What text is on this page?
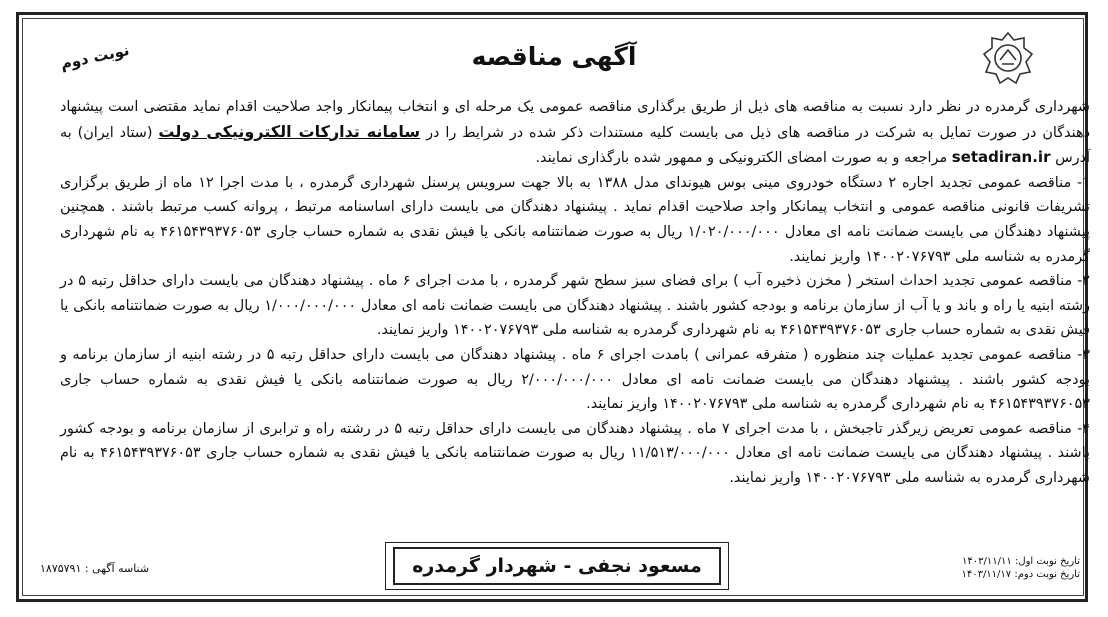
آگهی مناقصه
نوبت دوم

شهرداری گرمدره در نظر دارد نسبت به مناقصه های ذیل از طریق برگذاری مناقصه عمومی یک مرحله ای و انتخاب پیمانکار واجد صلاحیت اقدام نماید مقتضی است پیشنهاد دهندگان در صورت تمایل به شرکت در مناقصه های ذیل می بایست کلیه مستندات ذکر شده در شرایط را در سامانه تدارکات الکترونیکی دولت (ستاد ایران) به آدرس setadiran.ir مراجعه و به صورت امضای الکترونیکی و ممهور شده بارگذاری نمایند.

۱- مناقصه عمومی تجدید اجاره ۲ دستگاه خودروی مینی بوس هیوندای مدل ۱۳۸۸ به بالا جهت سرویس پرسنل شهرداری گرمدره ، با مدت اجرا ۱۲ ماه از طریق برگزاری تشریفات قانونی مناقصه عمومی و انتخاب پیمانکار واجد صلاحیت اقدام نماید . پیشنهاد دهندگان می بایست دارای اساسنامه مرتبط ، پروانه کسب مرتبط باشند . همچنین پیشنهاد دهندگان می بایست ضمانت نامه ای معادل ۱/۰۲۰/۰۰۰/۰۰۰ ریال به صورت ضمانتنامه بانکی یا فیش نقدی به شماره حساب جاری ۴۶۱۵۴۳۹۳۷۶۰۵۳ به نام شهرداری گرمدره به شناسه ملی ۱۴۰۰۲۰۷۶۷۹۳ واریز نمایند.

۲- مناقصه عمومی تجدید احداث استخر ( مخزن ذخیره آب ) برای فضای سبز سطح شهر گرمدره ، با مدت اجرای ۶ ماه . پیشنهاد دهندگان می بایست دارای حداقل رتبه ۵ در رشته ابنیه یا راه و باند و یا آب از سازمان برنامه و بودجه کشور باشند . پیشنهاد دهندگان می بایست ضمانت نامه ای معادل ۱/۰۰۰/۰۰۰/۰۰۰ ریال به صورت ضمانتنامه بانکی یا فیش نقدی به شماره حساب جاری ۴۶۱۵۴۳۹۳۷۶۰۵۳ به نام شهرداری گرمدره به شناسه ملی ۱۴۰۰۲۰۷۶۷۹۳ واریز نمایند.

۳- مناقصه عمومی تجدید عملیات چند منظوره ( متفرقه عمرانی ) بامدت اجرای ۶ ماه . پیشنهاد دهندگان می بایست دارای حداقل رتبه ۵ در رشته ابنیه از سازمان برنامه و بودجه کشور باشند . پیشنهاد دهندگان می بایست ضمانت نامه ای معادل ۲/۰۰۰/۰۰۰/۰۰۰ ریال به صورت ضمانتنامه بانکی یا فیش نقدی به شماره حساب جاری ۴۶۱۵۴۳۹۳۷۶۰۵۳ به نام شهرداری گرمدره به شناسه ملی ۱۴۰۰۲۰۷۶۷۹۳ واریز نمایند.

۴- مناقصه عمومی تعریض زیرگذر تاجبخش ، با مدت اجرای ۷ ماه . پیشنهاد دهندگان می بایست دارای حداقل رتبه ۵ در رشته راه و ترابری از سازمان برنامه و بودجه کشور باشند . پیشنهاد دهندگان می بایست ضمانت نامه ای معادل ۱۱/۵۱۳/۰۰۰/۰۰۰ ریال به صورت ضمانتنامه بانکی یا فیش نقدی به شماره حساب جاری ۴۶۱۵۴۳۹۳۷۶۰۵۳ به نام شهرداری گرمدره به شناسه ملی ۱۴۰۰۲۰۷۶۷۹۳ واریز نمایند.

مسعود نجفی - شهردار گرمدره	تاریخ نوبت اول: ۱۴۰۳/۱۱/۱۱
تاریخ نوبت دوم: ۱۴۰۳/۱۱/۱۷
شناسه آگهی : ۱۸۷۵۷۹۱
